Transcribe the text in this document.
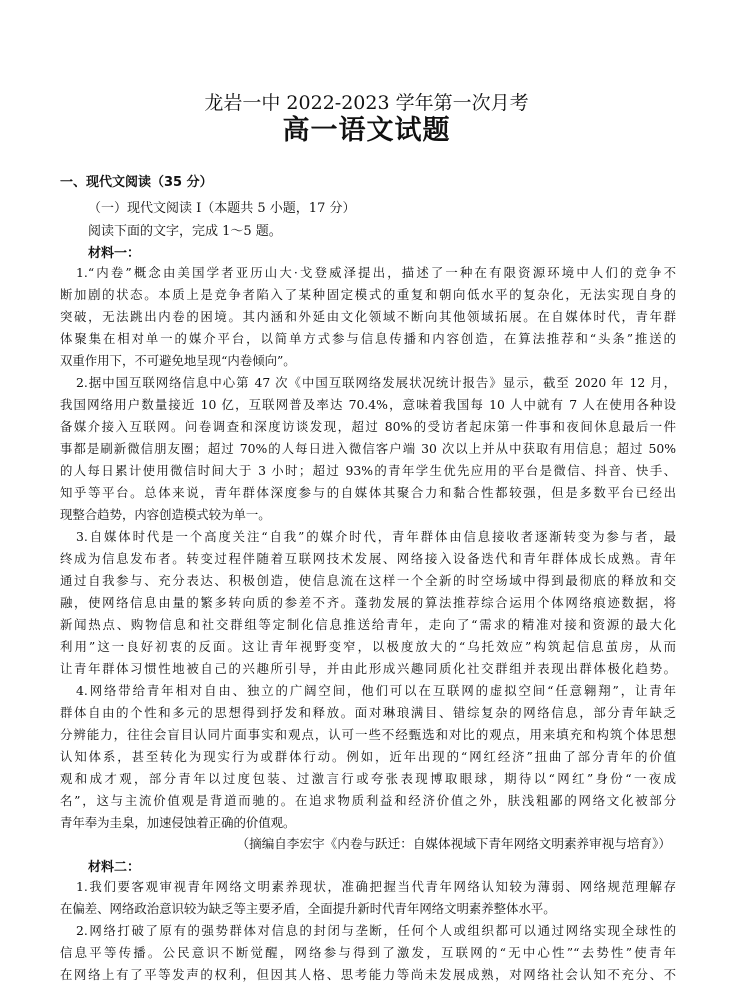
龙岩一中 2022-2023 学年第一次月考
高一语文试题
一、现代文阅读（35 分）
（一）现代文阅读 I（本题共 5 小题，17 分）
阅读下面的文字，完成 1～5 题。
材料一：
1.“内卷”概念由美国学者亚历山大·戈登威泽提出，描述了一种在有限资源环境中人们的竞争不
断加剧的状态。本质上是竞争者陷入了某种固定模式的重复和朝向低水平的复杂化，无法实现自身的
突破，无法跳出内卷的困境。其内涵和外延由文化领域不断向其他领域拓展。在自媒体时代，青年群
体聚集在相对单一的媒介平台，以简单方式参与信息传播和内容创造，在算法推荐和“头条”推送的
双重作用下，不可避免地呈现“内卷倾向”。
2.据中国互联网络信息中心第 47 次《中国互联网络发展状况统计报告》显示，截至 2020 年 12 月，
我国网络用户数量接近 10 亿，互联网普及率达 70.4%，意味着我国每 10 人中就有 7 人在使用各种设
备媒介接入互联网。问卷调查和深度访谈发现，超过 80%的受访者起床第一件事和夜间休息最后一件
事都是刷新微信朋友圈；超过 70%的人每日进入微信客户端 30 次以上并从中获取有用信息；超过 50%
的人每日累计使用微信时间大于 3 小时；超过 93%的青年学生优先应用的平台是微信、抖音、快手、
知乎等平台。总体来说，青年群体深度参与的自媒体其聚合力和黏合性都较强，但是多数平台已经出
现整合趋势，内容创造模式较为单一。
3.自媒体时代是一个高度关注“自我”的媒介时代，青年群体由信息接收者逐渐转变为参与者，最
终成为信息发布者。转变过程伴随着互联网技术发展、网络接入设备迭代和青年群体成长成熟。青年
通过自我参与、充分表达、积极创造，使信息流在这样一个全新的时空场域中得到最彻底的释放和交
融，使网络信息由量的繁多转向质的参差不齐。蓬勃发展的算法推荐综合运用个体网络痕迹数据，将
新闻热点、购物信息和社交群组等定制化信息推送给青年，走向了“需求的精准对接和资源的最大化
利用”这一良好初衷的反面。这让青年视野变窄，以极度放大的“乌托效应”构筑起信息茧房，从而
让青年群体习惯性地被自己的兴趣所引导，并由此形成兴趣同质化社交群组并表现出群体极化趋势。
4.网络带给青年相对自由、独立的广阔空间，他们可以在互联网的虚拟空间“任意翱翔”，让青年
群体自由的个性和多元的思想得到抒发和释放。面对琳琅满目、错综复杂的网络信息，部分青年缺乏
分辨能力，往往会盲目认同片面事实和观点，认可一些不经甄选和对比的观点，用来填充和构筑个体思想
认知体系，甚至转化为现实行为或群体行动。例如，近年出现的“网红经济”扭曲了部分青年的价值
观和成才观，部分青年以过度包装、过激言行或夸张表现博取眼球，期待以“网红”身份“一夜成
名”，这与主流价值观是背道而驰的。在追求物质利益和经济价值之外，肤浅粗鄙的网络文化被部分
青年奉为圭臬，加速侵蚀着正确的价值观。
（摘编自李宏宇《内卷与跃迁：自媒体视域下青年网络文明素养审视与培育》）
材料二：
1.我们要客观审视青年网络文明素养现状，准确把握当代青年网络认知较为薄弱、网络规范理解存
在偏差、网络政治意识较为缺乏等主要矛盾，全面提升新时代青年网络文明素养整体水平。
2.网络打破了原有的强势群体对信息的封闭与垄断，任何个人或组织都可以通过网络实现全球性的
信息平等传播。公民意识不断觉醒，网络参与得到了激发，互联网的“无中心性”“去势性”使青年
在网络上有了平等发声的权利，但因其人格、思考能力等尚未发展成熟，对网络社会认知不充分、不
